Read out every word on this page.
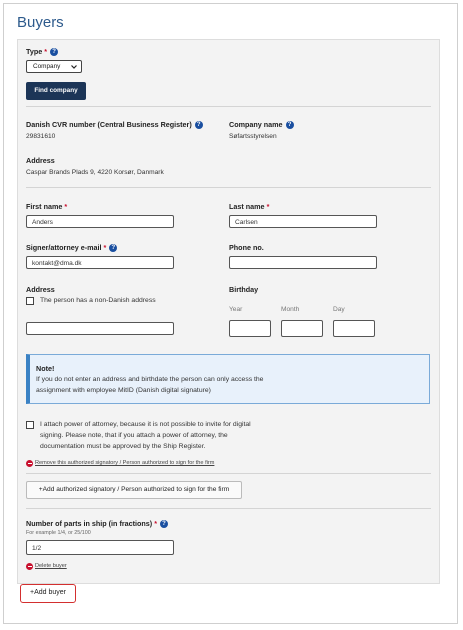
Buyers
Type * ?
Company
Find company
Danish CVR number (Central Business Register) ?
29831610
Company name ?
Søfartsstyrelsen
Address
Caspar Brands Plads 9, 4220 Korsør, Danmark
First name *
Anders
Last name *
Carlsen
Signer/attorney e-mail * ?
kontakt@dma.dk
Phone no.
Address
The person has a non-Danish address
Birthday
Year	Month	Day
Note!
If you do not enter an address and birthdate the person can only access the
assignment with employee MitID (Danish digital signature)
I attach power of attorney, because it is not possible to invite for digital
signing. Please note, that if you attach a power of attorney, the
documentation must be approved by the Ship Register.
Remove this authorized signatory / Person authorized to sign for the firm
+Add authorized signatory / Person authorized to sign for the firm
Number of parts in ship (in fractions) * ?
For example 1/4, or 25/100
1/2
Delete buyer
+Add buyer
